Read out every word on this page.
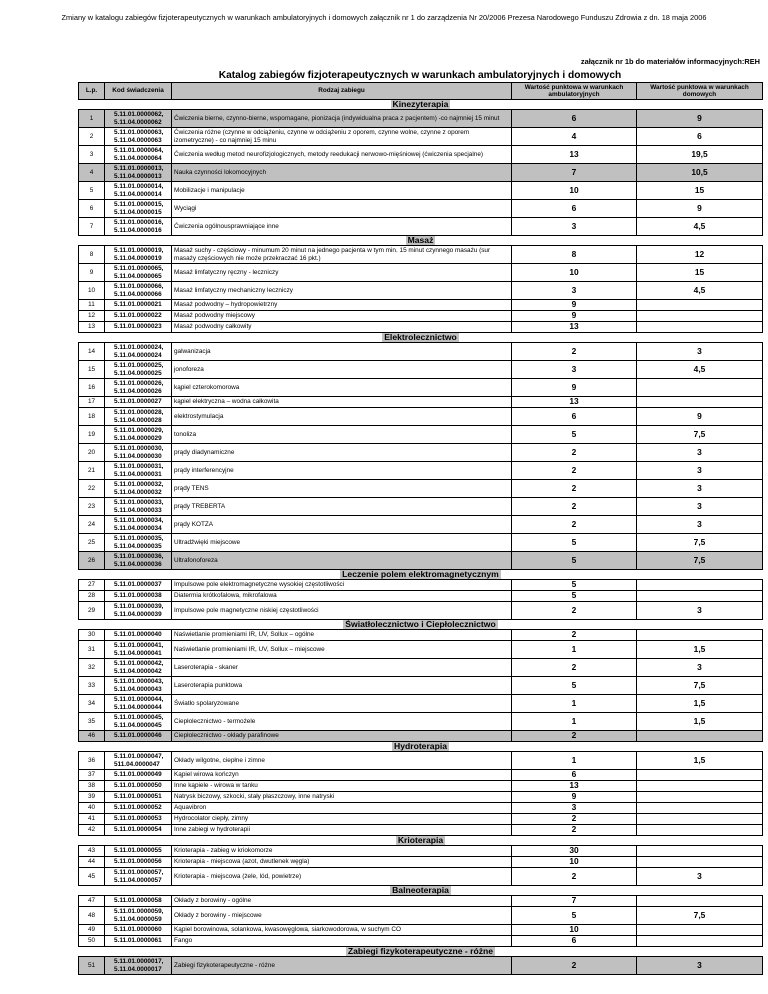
Zmiany w katalogu zabiegów fizjoterapeutycznych w warunkach ambulatoryjnych i domowych załącznik nr 1 do zarządzenia Nr 20/2006 Prezesa Narodowego Funduszu Zdrowia z dn. 18 maja 2006
załącznik nr 1b do materiałów informacyjnych:REH
Katalog zabiegów fizjoterapeutycznych w warunkach ambulatoryjnych i domowych
L.p.	Kod świadczenia	Rodzaj zabiegu	Wartość punktowa w warunkach ambulatoryjnych	Wartość punktowa w warunkach domowych
Kinezyterapia				
1	5.11.01.0000062, 5.11.04.0000062	Ćwiczenia bierne, czynno-bierne, wspomagane, pionizacja (indywidualna praca z pacjentem) -co najmniej 15 minut	6	9
2	5.11.01.0000063, 5.11.04.0000063	Ćwiczenia różne (czynne w odciążeniu, czynne w odciążeniu z oporem, czynne wolne, czynne z oporem izometryczne) - co najmniej 15 minu	4	6
3	5.11.01.0000064, 5.11.04.0000064	Ćwiczenia według metod neurofizjologicznych, metody reedukacji nerwowo-mięśniowej (ćwiczenia specjalne)	13	19,5
4	5.11.01.0000013, 5.11.04.0000013	Nauka czynności lokomocyjnych	7	10,5
5	5.11.01.0000014, 5.11.04.0000014	Mobilizacje i manipulacje	10	15
6	5.11.01.0000015, 5.11.04.0000015	Wyciągi	6	9
7	5.11.01.0000016, 5.11.04.0000016	Ćwiczenia ogólnousprawniające inne	3	4,5
Masaż				
8	5.11.01.0000019, 5.11.04.0000019	Masaż suchy - częściowy - minumum 20 minut na jednego pacjenta w tym min. 15 minut czynnego masażu (sur masaży częściowych nie może przekraczać 16 pkt.)	8	12
9	5.11.01.0000065, 5.11.04.0000065	Masaż limfatyczny ręczny - leczniczy	10	15
10	5.11.01.0000066, 5.11.04.0000066	Masaż limfatyczny mechaniczny leczniczy	3	4,5
11	5.11.01.0000021	Masaż podwodny – hydropowietrzny	9	
12	5.11.01.0000022	Masaż podwodny miejscowy	9	
13	5.11.01.0000023	Masaż podwodny całkowity	13	
Elektrolecznictwo				
14	5.11.01.0000024, 5.11.04.0000024	galwanizacja	2	3
15	5.11.01.0000025, 5.11.04.0000025	jonoforeza	3	4,5
16	5.11.01.0000026, 5.11.04.0000026	kąpiel czterokomorowa	9	
17	5.11.01.0000027	kąpiel elektryczna – wodna całkowita	13	
18	5.11.01.0000028, 5.11.04.0000028	elektrostymulacja	6	9
19	5.11.01.0000029, 5.11.04.0000029	tonoliza	5	7,5
20	5.11.01.0000030, 5.11.04.0000030	prądy diadynamiczne	2	3
21	5.11.01.0000031, 5.11.04.0000031	prądy interferencyjne	2	3
22	5.11.01.0000032, 5.11.04.0000032	prądy TENS	2	3
23	5.11.01.0000033, 5.11.04.0000033	prądy TREBERTA	2	3
24	5.11.01.0000034, 5.11.04.0000034	prądy KOTZA	2	3
25	5.11.01.0000035, 5.11.04.0000035	Ultradźwięki miejscowe	5	7,5
26	5.11.01.0000036, 5.11.04.0000036	Ultrafonoforeza	5	7,5
Leczenie polem elektromagnetycznym				
27	5.11.01.0000037	Impulsowe pole elektromagnetyczne wysokiej częstotliwości	5	
28	5.11.01.0000038	Diatermia krótkofalowa, mikrofalowa	5	
29	5.11.01.0000039, 5.11.04.0000039	Impulsowe pole magnetyczne niskiej częstotliwości	2	3
Światłolecznictwo i Ciepłolecznictwo				
30	5.11.01.0000040	Naświetlanie promieniami IR, UV, Sollux – ogólne	2	
31	5.11.01.0000041, 5.11.04.0000041	Naświetlanie promieniami IR, UV, Sollux – miejscowe	1	1,5
32	5.11.01.0000042, 5.11.04.0000042	Laseroterapia - skaner	2	3
33	5.11.01.0000043, 5.11.04.0000043	Laseroterapia punktowa	5	7,5
34	5.11.01.0000044, 5.11.04.0000044	Światło spolaryzowane	1	1,5
35	5.11.01.0000045, 5.11.04.0000045	Ciepłolecznictwo - termożele	1	1,5
46	5.11.01.0000046	Ciepłolecznictwo - okłady parafinowe	2	
Hydroterapia				
36	5.11.01.0000047, 511.04.0000047	Okłady wilgotne, ciepłne i zimne	1	1,5
37	5.11.01.0000049	Kąpiel wirowa kończyn	6	
38	5.11.01.0000050	Inne kąpiele - wirowa w tanku	13	
39	5.11.01.0000051	Natrysk biczowy, szkocki, stały płaszczowy, inne natryski	9	
40	5.11.01.0000052	Aquavibron	3	
41	5.11.01.0000053	Hydrocolator ciepły, zimny	2	
42	5.11.01.0000054	Inne zabiegi w hydroterapii	2	
Krioterapia				
43	5.11.01.0000055	Krioterapia - zabieg w kriokomorze	30	
44	5.11.01.0000056	Krioterapia - miejscowa (azot, dwutlenek węgla)	10	
45	5.11.01.0000057, 5.11.04.0000057	Krioterapia - miejscowa (żele, lód, powietrze)	2	3
Balneoterapia				
47	5.11.01.0000058	Okłady z borowiny - ogólne	7	
48	5.11.01.0000059, 5.11.04.0000059	Okłady z borowiny - miejscowe	5	7,5
49	5.11.01.0000060	Kąpiel borowinowa, solankowa, kwasowęglowa, siarkowodorowa, w suchym CO	10	
50	5.11.01.0000061	Fango	6	
Zabiegi fizykoterapeutyczne - różne				
51	5.11.01.0000017, 5.11.04.0000017	Zabiegi fizykoterapeutyczne - różne	2	3
